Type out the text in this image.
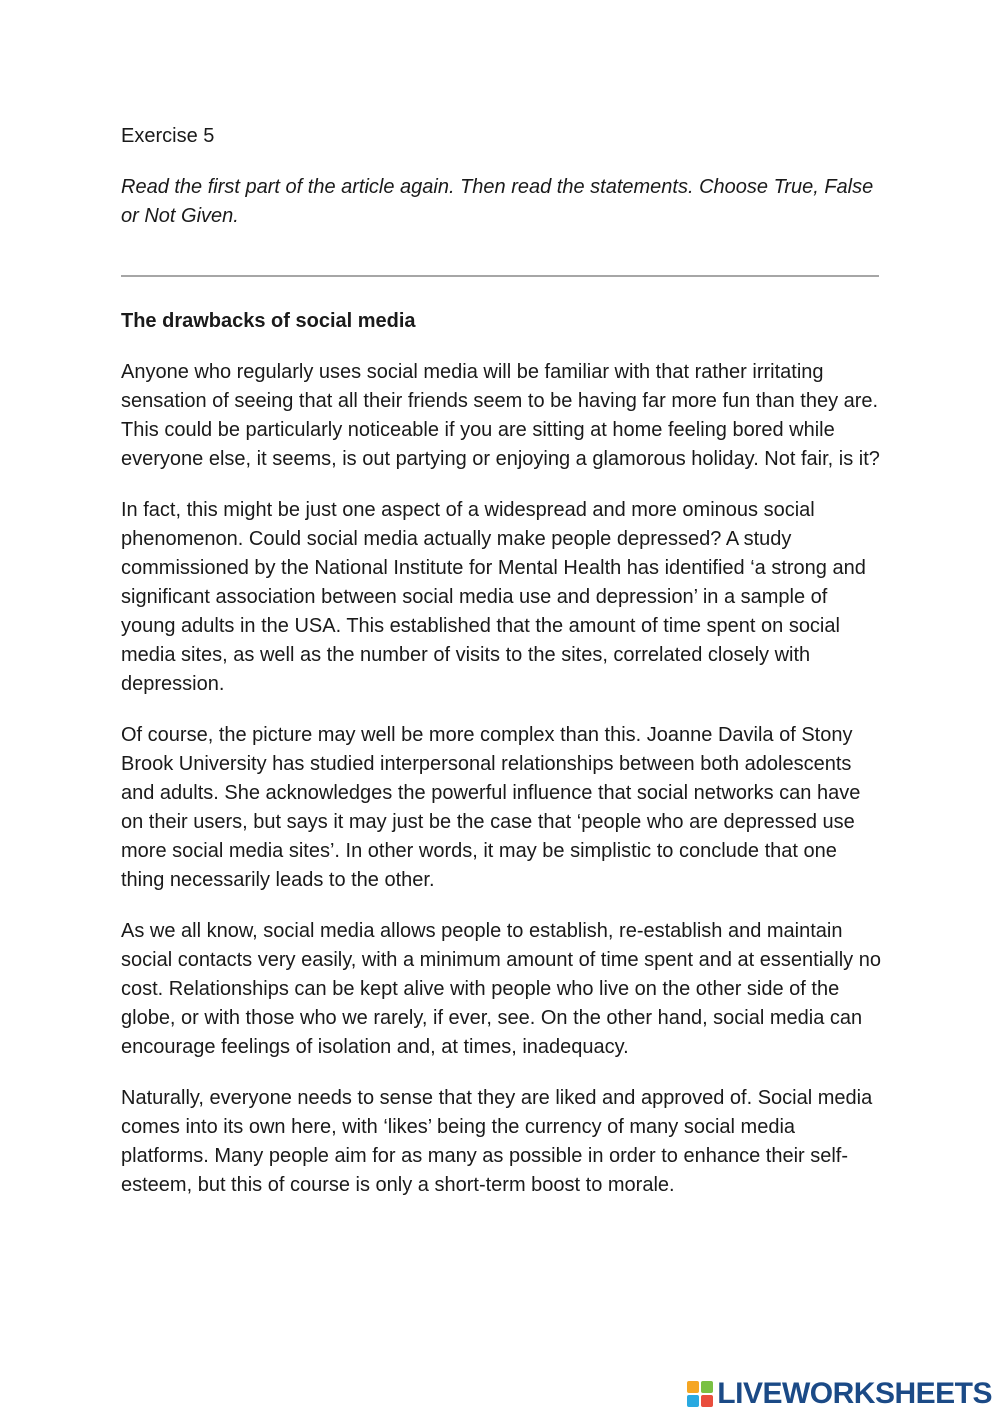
Exercise 5
Read the first part of the article again. Then read the statements. Choose True, False or Not Given.
The drawbacks of social media

Anyone who regularly uses social media will be familiar with that rather irritating sensation of seeing that all their friends seem to be having far more fun than they are. This could be particularly noticeable if you are sitting at home feeling bored while everyone else, it seems, is out partying or enjoying a glamorous holiday. Not fair, is it?

In fact, this might be just one aspect of a widespread and more ominous social phenomenon. Could social media actually make people depressed? A study commissioned by the National Institute for Mental Health has identified ‘a strong and significant association between social media use and depression’ in a sample of young adults in the USA. This established that the amount of time spent on social media sites, as well as the number of visits to the sites, correlated closely with depression.

Of course, the picture may well be more complex than this. Joanne Davila of Stony Brook University has studied interpersonal relationships between both adolescents and adults. She acknowledges the powerful influence that social networks can have on their users, but says it may just be the case that ‘people who are depressed use more social media sites’. In other words, it may be simplistic to conclude that one thing necessarily leads to the other.

As we all know, social media allows people to establish, re-establish and maintain social contacts very easily, with a minimum amount of time spent and at essentially no cost. Relationships can be kept alive with people who live on the other side of the globe, or with those who we rarely, if ever, see. On the other hand, social media can encourage feelings of isolation and, at times, inadequacy.

Naturally, everyone needs to sense that they are liked and approved of. Social media comes into its own here, with ‘likes’ being the currency of many social media platforms. Many people aim for as many as possible in order to enhance their self-esteem, but this of course is only a short-term boost to morale.

LIVEWORKSHEETS
